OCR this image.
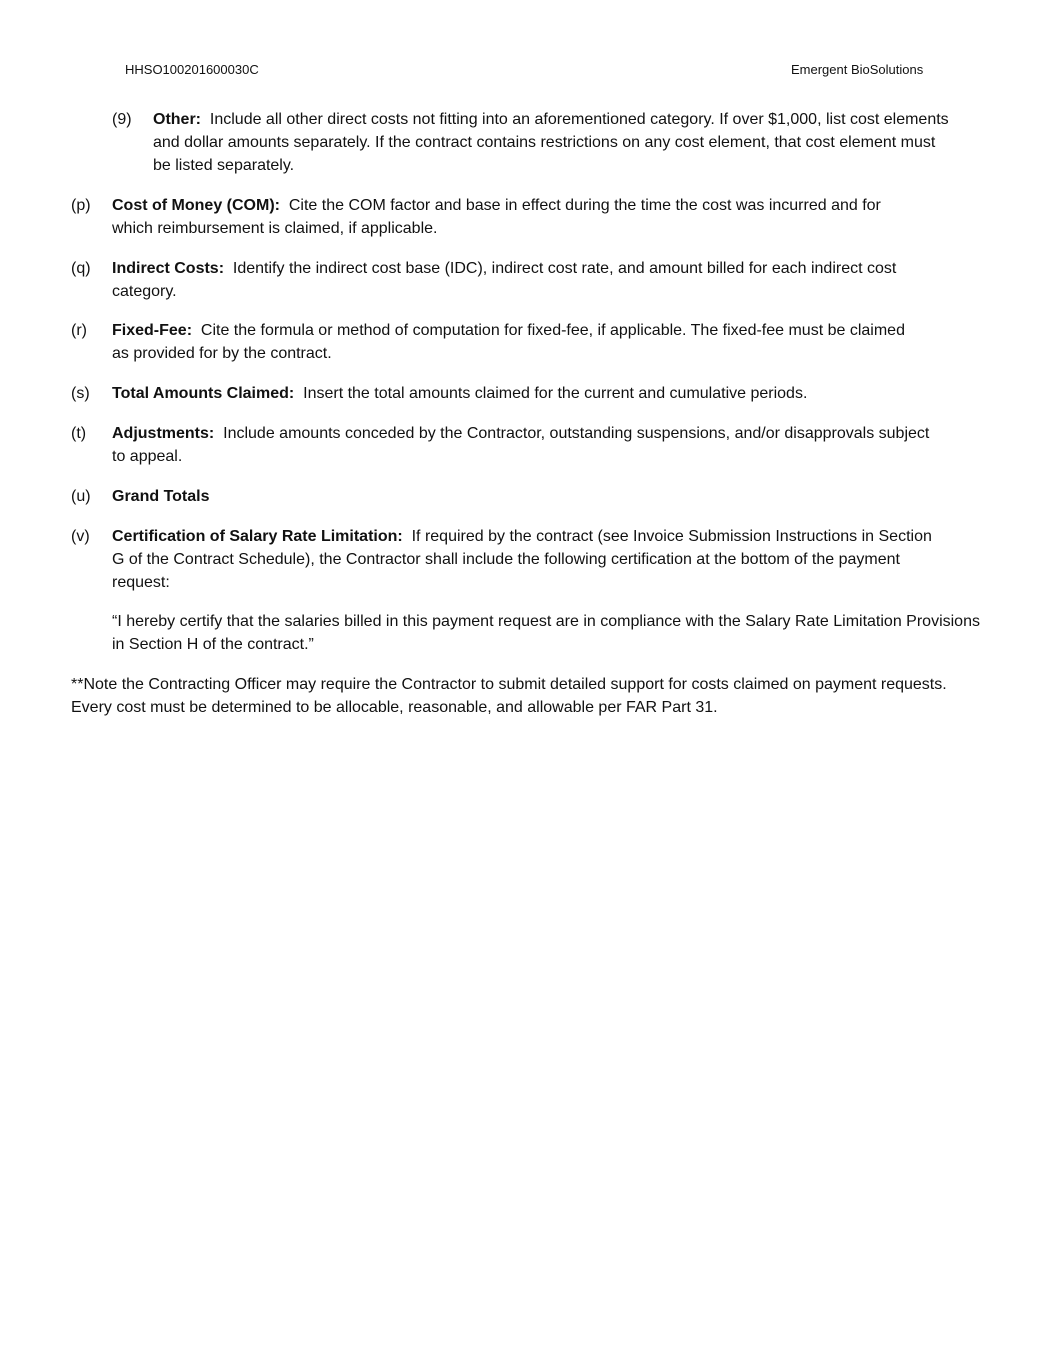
HHSO100201600030C	Emergent BioSolutions
(9) Other: Include all other direct costs not fitting into an aforementioned category. If over $1,000, list cost elements and dollar amounts separately. If the contract contains restrictions on any cost element, that cost element must be listed separately.
(p) Cost of Money (COM): Cite the COM factor and base in effect during the time the cost was incurred and for which reimbursement is claimed, if applicable.
(q) Indirect Costs: Identify the indirect cost base (IDC), indirect cost rate, and amount billed for each indirect cost category.
(r) Fixed-Fee: Cite the formula or method of computation for fixed-fee, if applicable. The fixed-fee must be claimed as provided for by the contract.
(s) Total Amounts Claimed: Insert the total amounts claimed for the current and cumulative periods.
(t) Adjustments: Include amounts conceded by the Contractor, outstanding suspensions, and/or disapprovals subject to appeal.
(u) Grand Totals
(v) Certification of Salary Rate Limitation: If required by the contract (see Invoice Submission Instructions in Section G of the Contract Schedule), the Contractor shall include the following certification at the bottom of the payment request:
“I hereby certify that the salaries billed in this payment request are in compliance with the Salary Rate Limitation Provisions in Section H of the contract.”
**Note the Contracting Officer may require the Contractor to submit detailed support for costs claimed on payment requests. Every cost must be determined to be allocable, reasonable, and allowable per FAR Part 31.
